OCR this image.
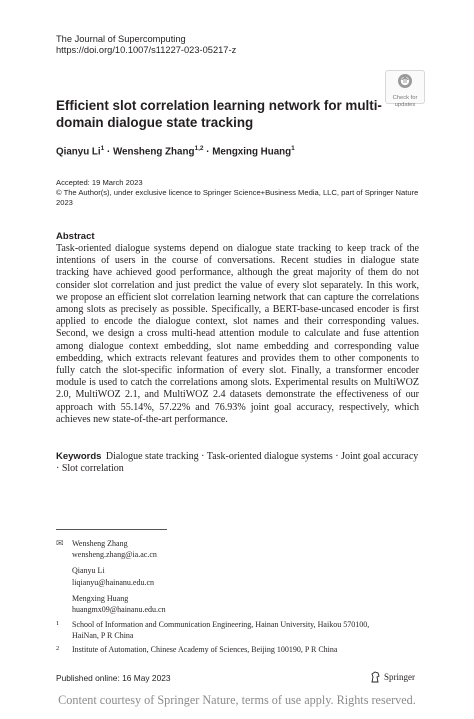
The Journal of Supercomputing
https://doi.org/10.1007/s11227-023-05217-z
Check for
updates
Efficient slot correlation learning network for multi-domain dialogue state tracking
Qianyu $Li^1$ · Wensheng Zhang$^{1,2}$ · Mengxing Huang$^1$
Accepted: 19 March 2023
© The Author(s), under exclusive licence to Springer Science+Business Media, LLC, part of Springer Nature 2023
Abstract

Task-oriented dialogue systems depend on dialogue state tracking to keep track of the intentions of users in the course of conversations. Recent studies in dialogue state tracking have achieved good performance, although the great majority of them do not consider slot correlation and just predict the value of every slot separately. In this work, we propose an efficient slot correlation learning network that can capture the correlations among slots as precisely as possible. Specifically, a BERT-base-uncased encoder is first applied to encode the dialogue context, slot names and their corresponding values. Second, we design a cross multi-head attention module to calculate and fuse attention among dialogue context embedding, slot name embedding and corresponding value embedding, which extracts relevant features and provides them to other components to fully catch the slot-specific information of every slot. Finally, a transformer encoder module is used to catch the correlations among slots. Experimental results on MultiWOZ 2.0, MultiWOZ 2.1, and MultiWOZ 2.4 datasets demonstrate the effectiveness of our approach with 55.14%, 57.22% and 76.93% joint goal accuracy, respectively, which achieves new state-of-the-art performance.

Keywords Dialogue state tracking · Task-oriented dialogue systems · Joint goal accuracy · Slot correlation

✉ Wensheng Zhang
wensheng.zhang@ia.ac.cn
Qianyu Li
liqianyu@hainanu.edu.cn
Mengxing Huang
huangmx09@hainanu.edu.cn
1 School of Information and Communication Engineering, Hainan University, Haikou 570100,
HaiNan, P R China
2 Institute of Automation, Chinese Academy of Sciences, Beijing 100190, P R China
Published online: 16 May 2023	Springer
Content courtesy of Springer Nature, terms of use apply. Rights reserved.
